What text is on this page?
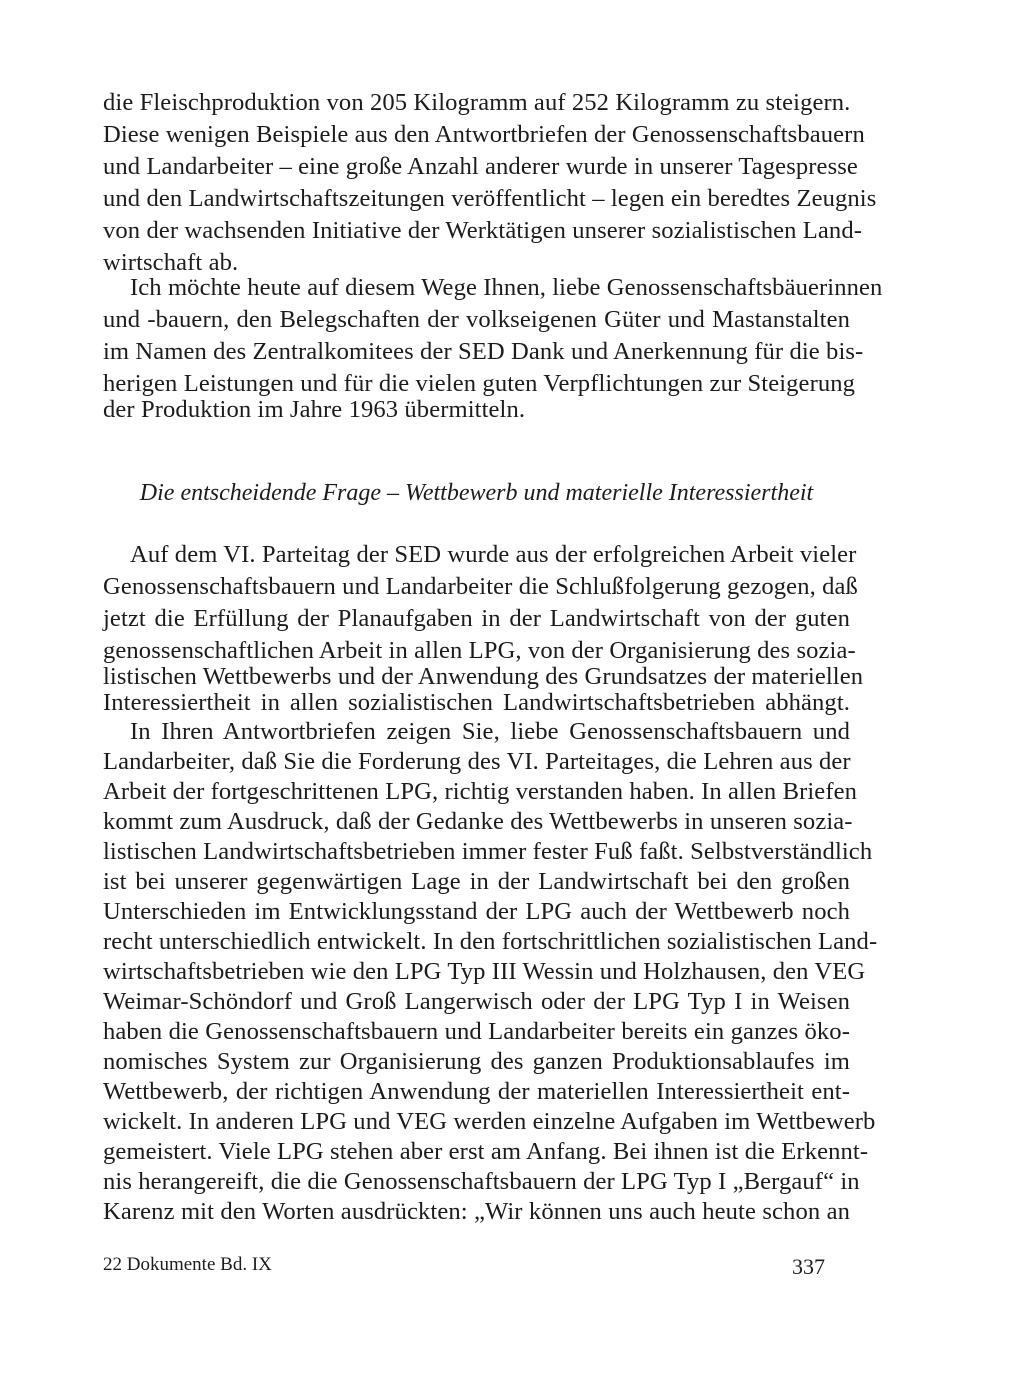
die Fleischproduktion von 205 Kilogramm auf 252 Kilogramm zu steigern.
Diese wenigen Beispiele aus den Antwortbriefen der Genossenschaftsbauern
und Landarbeiter – eine große Anzahl anderer wurde in unserer Tagespresse
und den Landwirtschaftszeitungen veröffentlicht – legen ein beredtes Zeugnis
von der wachsenden Initiative der Werktätigen unserer sozialistischen Land-
wirtschaft ab.
Ich möchte heute auf diesem Wege Ihnen, liebe Genossenschaftsbäuerinnen
und -bauern, den Belegschaften der volkseigenen Güter und Mastanstalten
im Namen des Zentralkomitees der SED Dank und Anerkennung für die bis-
herigen Leistungen und für die vielen guten Verpflichtungen zur Steigerung
der Produktion im Jahre 1963 übermitteln.
Die entscheidende Frage – Wettbewerb und materielle Interessiertheit
Auf dem VI. Parteitag der SED wurde aus der erfolgreichen Arbeit vieler
Genossenschaftsbauern und Landarbeiter die Schlußfolgerung gezogen, daß
jetzt die Erfüllung der Planaufgaben in der Landwirtschaft von der guten
genossenschaftlichen Arbeit in allen LPG, von der Organisierung des sozia-
listischen Wettbewerbs und der Anwendung des Grundsatzes der materiellen
Interessiertheit in allen sozialistischen Landwirtschaftsbetrieben abhängt.
In Ihren Antwortbriefen zeigen Sie, liebe Genossenschaftsbauern und
Landarbeiter, daß Sie die Forderung des VI. Parteitages, die Lehren aus der
Arbeit der fortgeschrittenen LPG, richtig verstanden haben. In allen Briefen
kommt zum Ausdruck, daß der Gedanke des Wettbewerbs in unseren sozia-
listischen Landwirtschaftsbetrieben immer fester Fuß faßt. Selbstverständlich
ist bei unserer gegenwärtigen Lage in der Landwirtschaft bei den großen
Unterschieden im Entwicklungsstand der LPG auch der Wettbewerb noch
recht unterschiedlich entwickelt. In den fortschrittlichen sozialistischen Land-
wirtschaftsbetrieben wie den LPG Typ III Wessin und Holzhausen, den VEG
Weimar-Schöndorf und Groß Langerwisch oder der LPG Typ I in Weisen
haben die Genossenschaftsbauern und Landarbeiter bereits ein ganzes öko-
nomisches System zur Organisierung des ganzen Produktionsablaufes im
Wettbewerb, der richtigen Anwendung der materiellen Interessiertheit ent-
wickelt. In anderen LPG und VEG werden einzelne Aufgaben im Wettbewerb
gemeistert. Viele LPG stehen aber erst am Anfang. Bei ihnen ist die Erkennt-
nis herangereift, die die Genossenschaftsbauern der LPG Typ I „Bergauf“ in
Karenz mit den Worten ausdrückten: „Wir können uns auch heute schon an
22 Dokumente Bd. IX	337
